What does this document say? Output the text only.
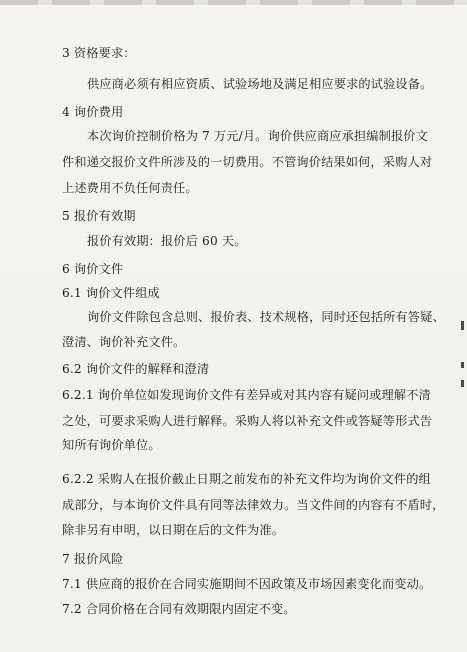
3 资格要求：
供应商必须有相应资质、试验场地及满足相应要求的试验设备。
4 询价费用
本次询价控制价格为 7 万元/月。询价供应商应承担编制报价文
件和递交报价文件所涉及的一切费用。不管询价结果如何，采购人对
上述费用不负任何责任。
5 报价有效期
报价有效期：报价后 60 天。
6 询价文件
6.1 询价文件组成
询价文件除包含总则、报价表、技术规格，同时还包括所有答疑、
澄清、询价补充文件。
6.2 询价文件的解释和澄清
6.2.1 询价单位如发现询价文件有差异或对其内容有疑问或理解不清
之处，可要求采购人进行解释。采购人将以补充文件或答疑等形式告
知所有询价单位。
6.2.2 采购人在报价截止日期之前发布的补充文件均为询价文件的组
成部分，与本询价文件具有同等法律效力。当文件间的内容有不盾时，
除非另有申明，以日期在后的文件为准。
7 报价风险
7.1 供应商的报价在合同实施期间不因政策及市场因素变化而变动。
7.2 合同价格在合同有效期限内固定不变。
